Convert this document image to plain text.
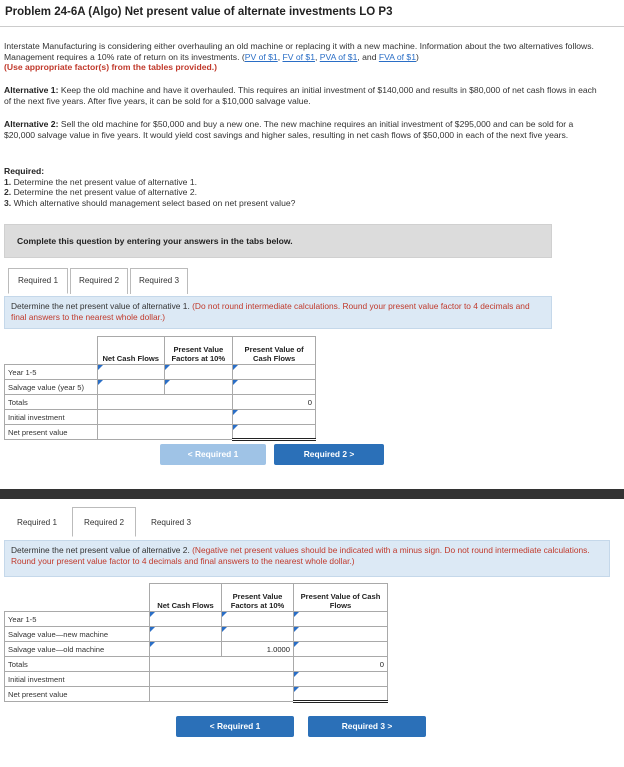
Problem 24-6A (Algo) Net present value of alternate investments LO P3
Interstate Manufacturing is considering either overhauling an old machine or replacing it with a new machine. Information about the two alternatives follows. Management requires a 10% rate of return on its investments. (PV of $1, FV of $1, PVA of $1, and FVA of $1)
(Use appropriate factor(s) from the tables provided.)
Alternative 1: Keep the old machine and have it overhauled. This requires an initial investment of $140,000 and results in $80,000 of net cash flows in each of the next five years. After five years, it can be sold for a $10,000 salvage value.
Alternative 2: Sell the old machine for $50,000 and buy a new one. The new machine requires an initial investment of $295,000 and can be sold for a $20,000 salvage value in five years. It would yield cost savings and higher sales, resulting in net cash flows of $50,000 in each of the next five years.
Required:
1. Determine the net present value of alternative 1.
2. Determine the net present value of alternative 2.
3. Which alternative should management select based on net present value?
Complete this question by entering your answers in the tabs below.
Required 1	Required 2	Required 3
Determine the net present value of alternative 1. (Do not round intermediate calculations. Round your present value factor to 4 decimals and final answers to the nearest whole dollar.)
	Net Cash Flows	Present Value Factors at 10%	Present Value of Cash Flows
Year 1-5			
Salvage value (year 5)			
Totals			0
Initial investment			
Net present value			
< Required 1	Required 2 >
Required 1	Required 2	Required 3
Determine the net present value of alternative 2. (Negative net present values should be indicated with a minus sign. Do not round intermediate calculations. Round your present value factor to 4 decimals and final answers to the nearest whole dollar.)
	Net Cash Flows	Present Value Factors at 10%	Present Value of Cash Flows
Year 1-5			
Salvage value—new machine			
Salvage value—old machine		1.0000	
Totals			0
Initial investment			
Net present value			
< Required 1	Required 3 >
